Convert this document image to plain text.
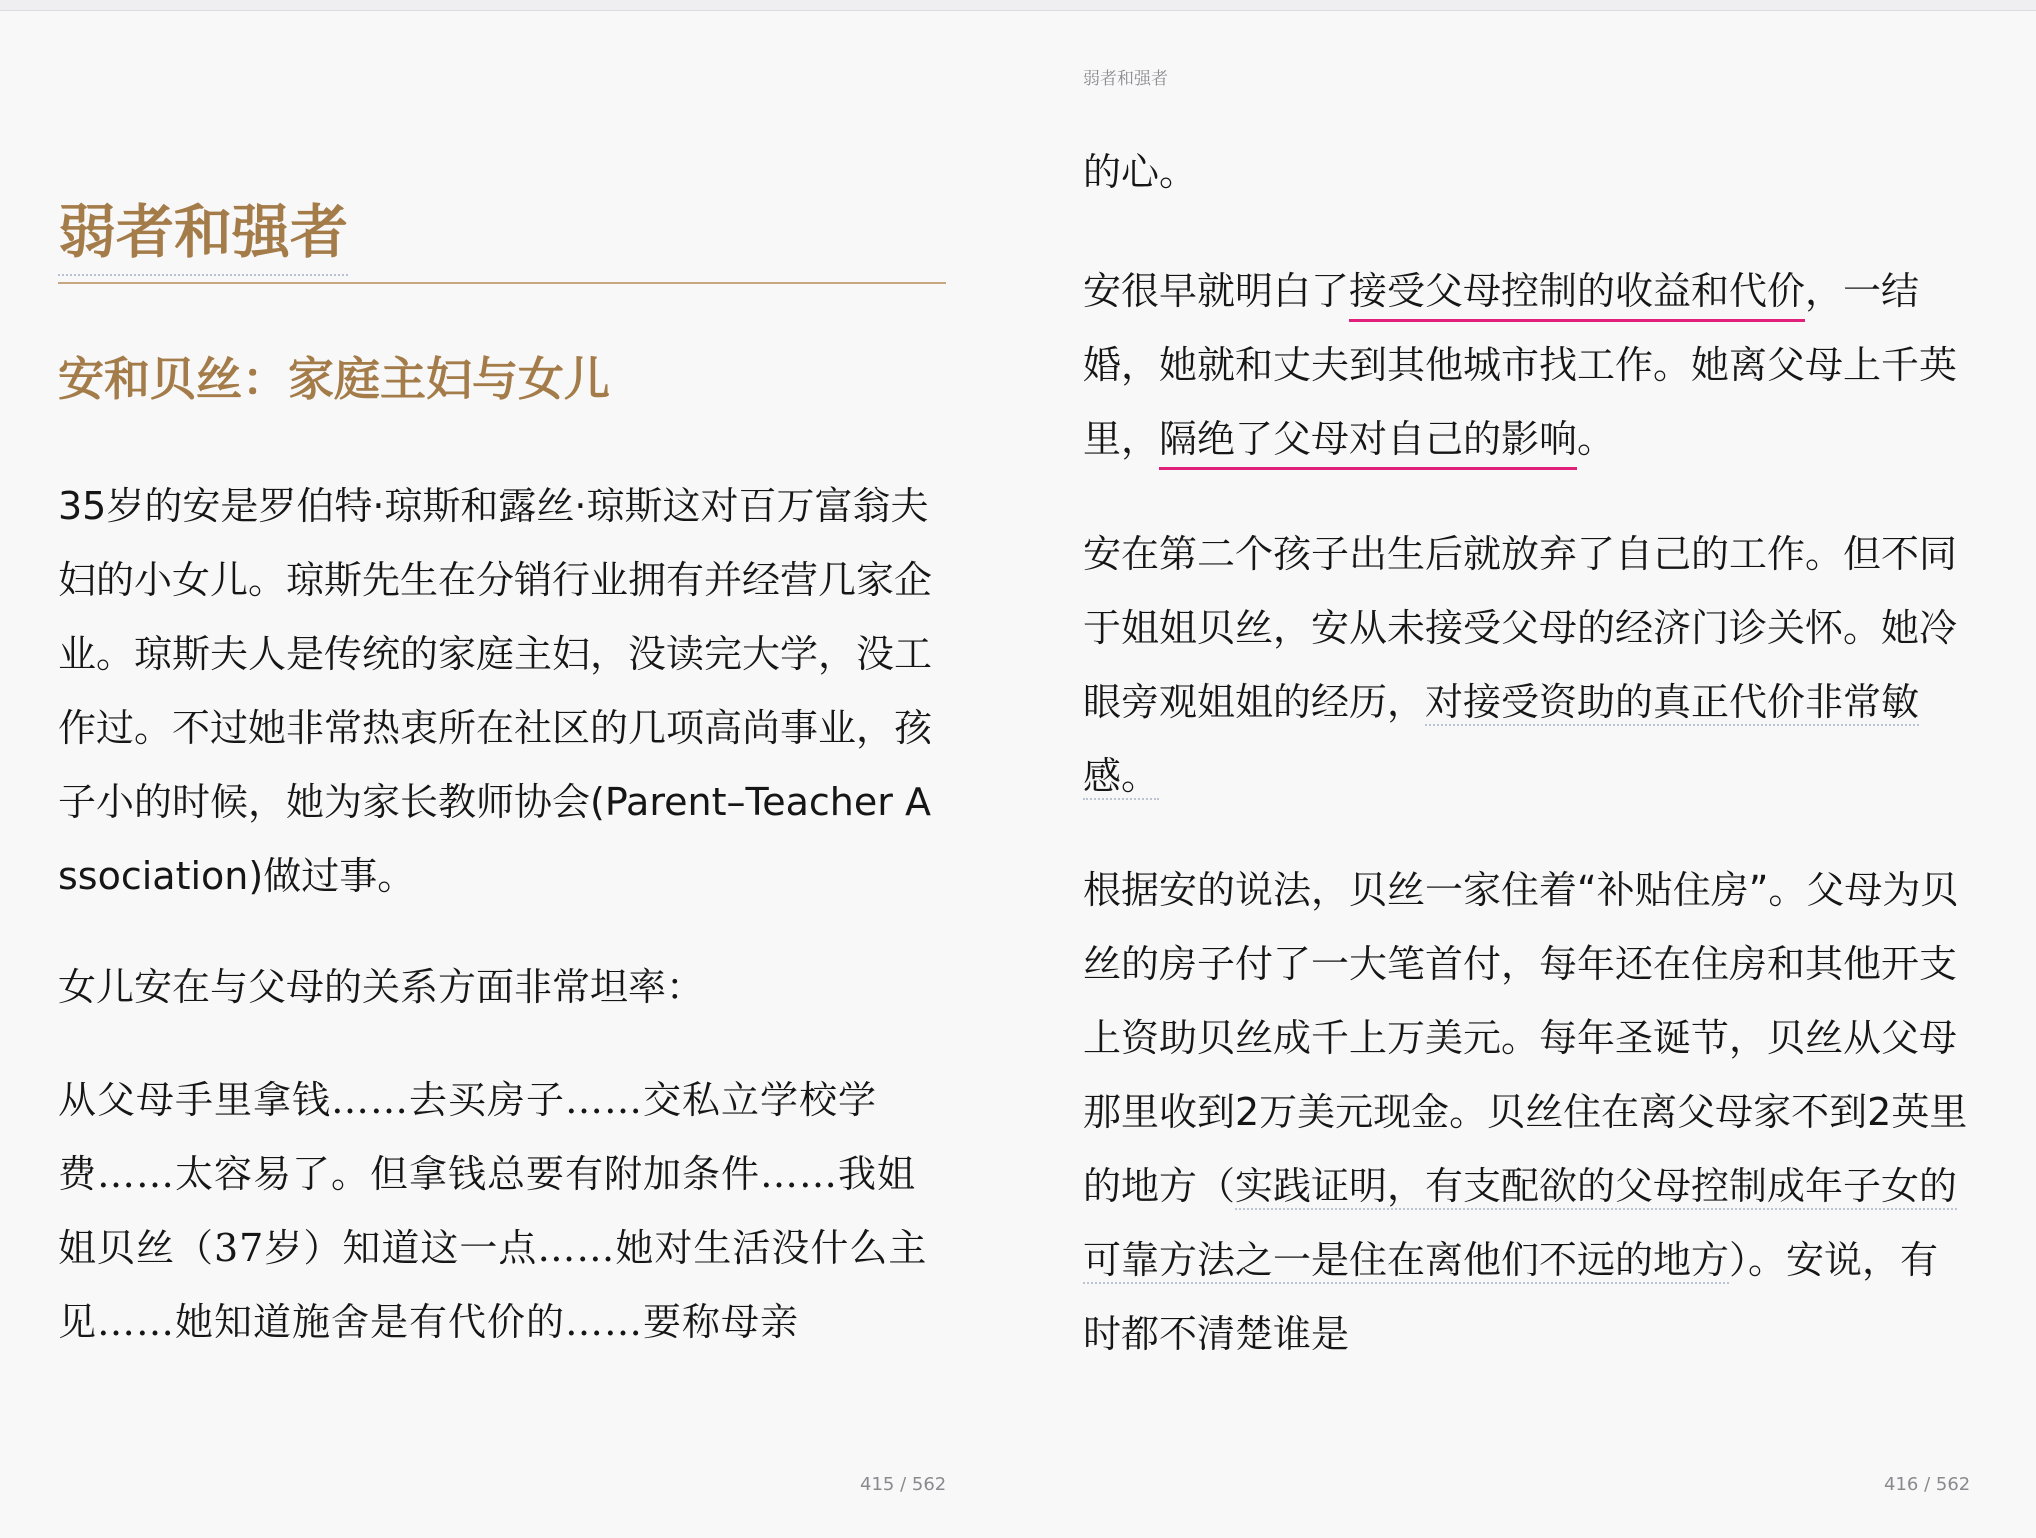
弱者和强者
安和贝丝：家庭主妇与女儿

35岁的安是罗伯特·琼斯和露丝·琼斯这对百万富翁夫妇的小女儿。琼斯先生在分销行业拥有并经营几家企业。琼斯夫人是传统的家庭主妇，没读完大学，没工作过。不过她非常热衷所在社区的几项高尚事业，孩子小的时候，她为家长教师协会(Parent–Teacher Association)做过事。

女儿安在与父母的关系方面非常坦率：

从父母手里拿钱……去买房子……交私立学校学费……太容易了。但拿钱总要有附加条件……我姐姐贝丝（37岁）知道这一点……她对生活没什么主见……她知道施舍是有代价的……要称母亲

415 / 562
弱者和强者

的心。

安很早就明白了接受父母控制的收益和代价，一结婚，她就和丈夫到其他城市找工作。她离父母上千英里，隔绝了父母对自己的影响。

安在第二个孩子出生后就放弃了自己的工作。但不同于姐姐贝丝，安从未接受父母的经济门诊关怀。她冷眼旁观姐姐的经历，对接受资助的真正代价非常敏感。

根据安的说法，贝丝一家住着“补贴住房”。父母为贝丝的房子付了一大笔首付，每年还在住房和其他开支上资助贝丝成千上万美元。每年圣诞节，贝丝从父母那里收到2万美元现金。贝丝住在离父母家不到2英里的地方（实践证明，有支配欲的父母控制成年子女的可靠方法之一是住在离他们不远的地方）。安说，有时都不清楚谁是

416 / 562
